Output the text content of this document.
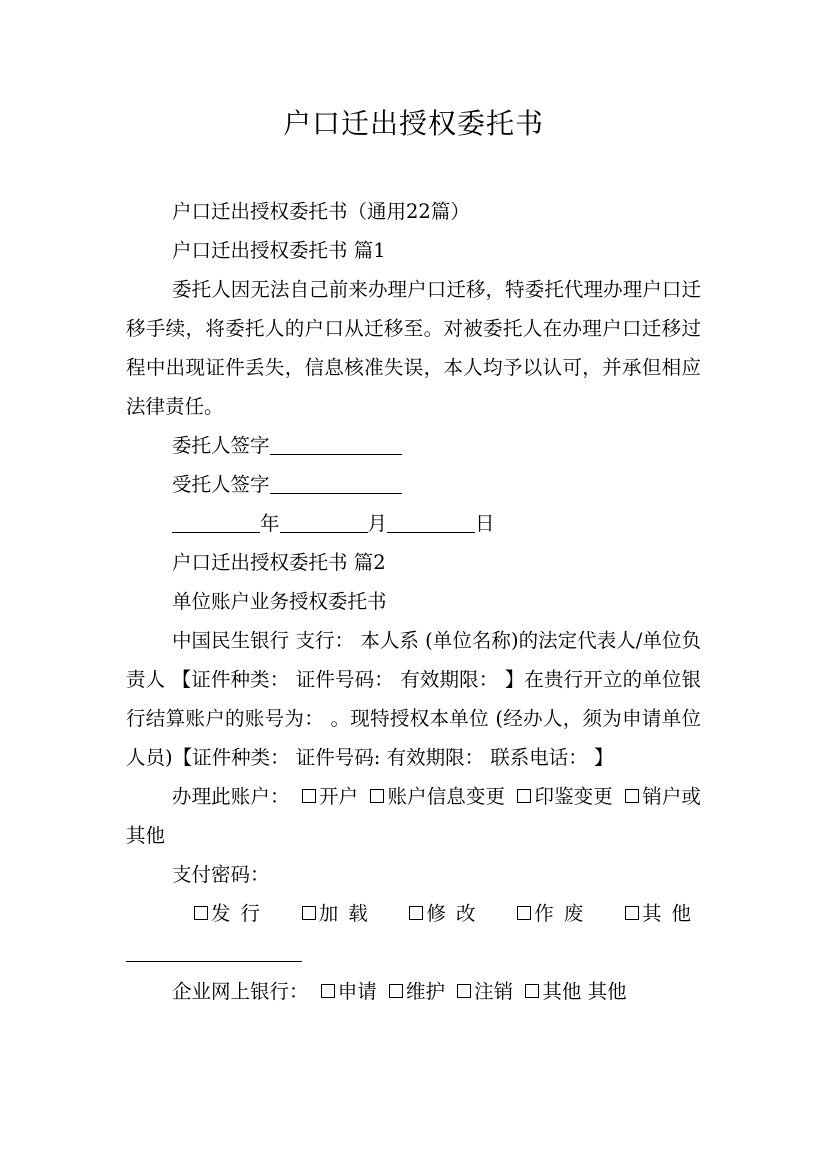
户口迁出授权委托书

户口迁出授权委托书（通用22篇）

户口迁出授权委托书 篇1

委托人因无法自己前来办理户口迁移，特委托代理办理户口迁移手续，将委托人的户口从迁移至。对被委托人在办理户口迁移过程中出现证件丢失，信息核准失误，本人均予以认可，并承但相应法律责任。

委托人签字

受托人签字

年	月	日

户口迁出授权委托书 篇2

单位账户业务授权委托书

中国民生银行 支行： 本人系 (单位名称)的法定代表人/单位负责人 【证件种类： 证件号码： 有效期限： 】在贵行开立的单位银行结算账户的账号为： 。现特授权本单位 (经办人，须为申请单位人员)【证件种类： 证件号码: 有效期限： 联系电话： 】

办理此账户： 开户 账户信息变更 印鉴变更 销户或其他

支付密码：

发行	加载	修改	作废	其他

企业网上银行： 申请 维护 注销 其他 其他
